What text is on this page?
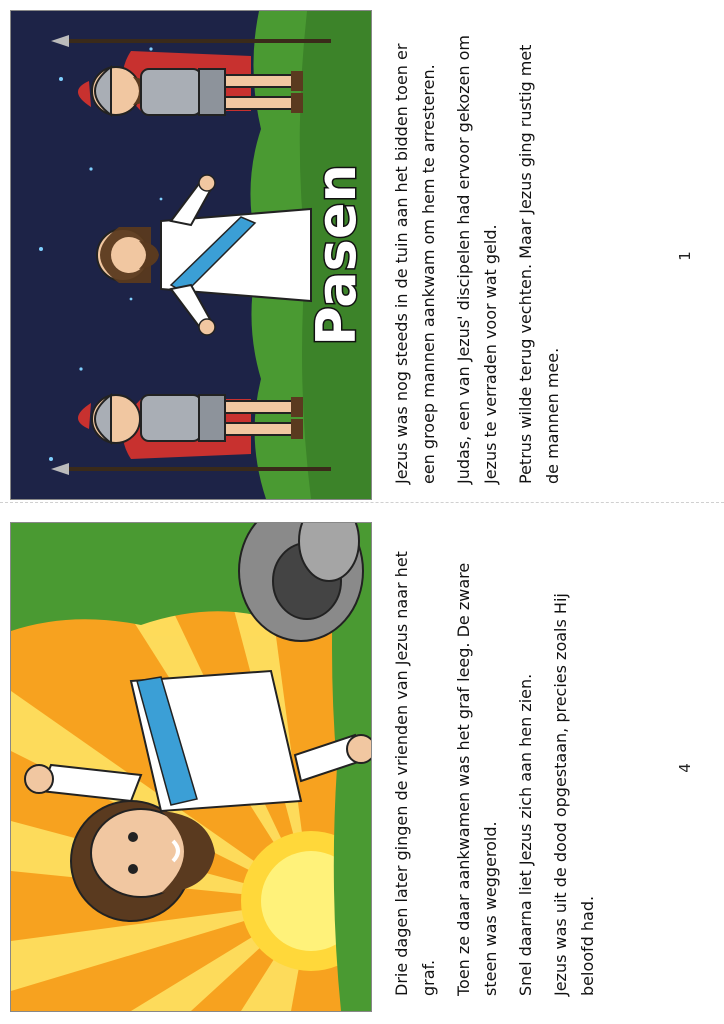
Pasen Jezus was nog steeds in de tuin aan het bidden toen er een groep mannen aankwam om hem te arresteren. Judas, een van Jezus' discipelen had ervoor gekozen om Jezus te verraden voor wat geld. Petrus wilde terug vechten. Maar Jezus ging rustig met de mannen mee.

1

Drie dagen later gingen de vrienden van Jezus naar het graf. Toen ze daar aankwamen was het graf leeg. De zware steen was weggerold. Snel daarna liet Jezus zich aan hen zien. Jezus was uit de dood opgestaan, precies zoals Hij beloofd had.

4
